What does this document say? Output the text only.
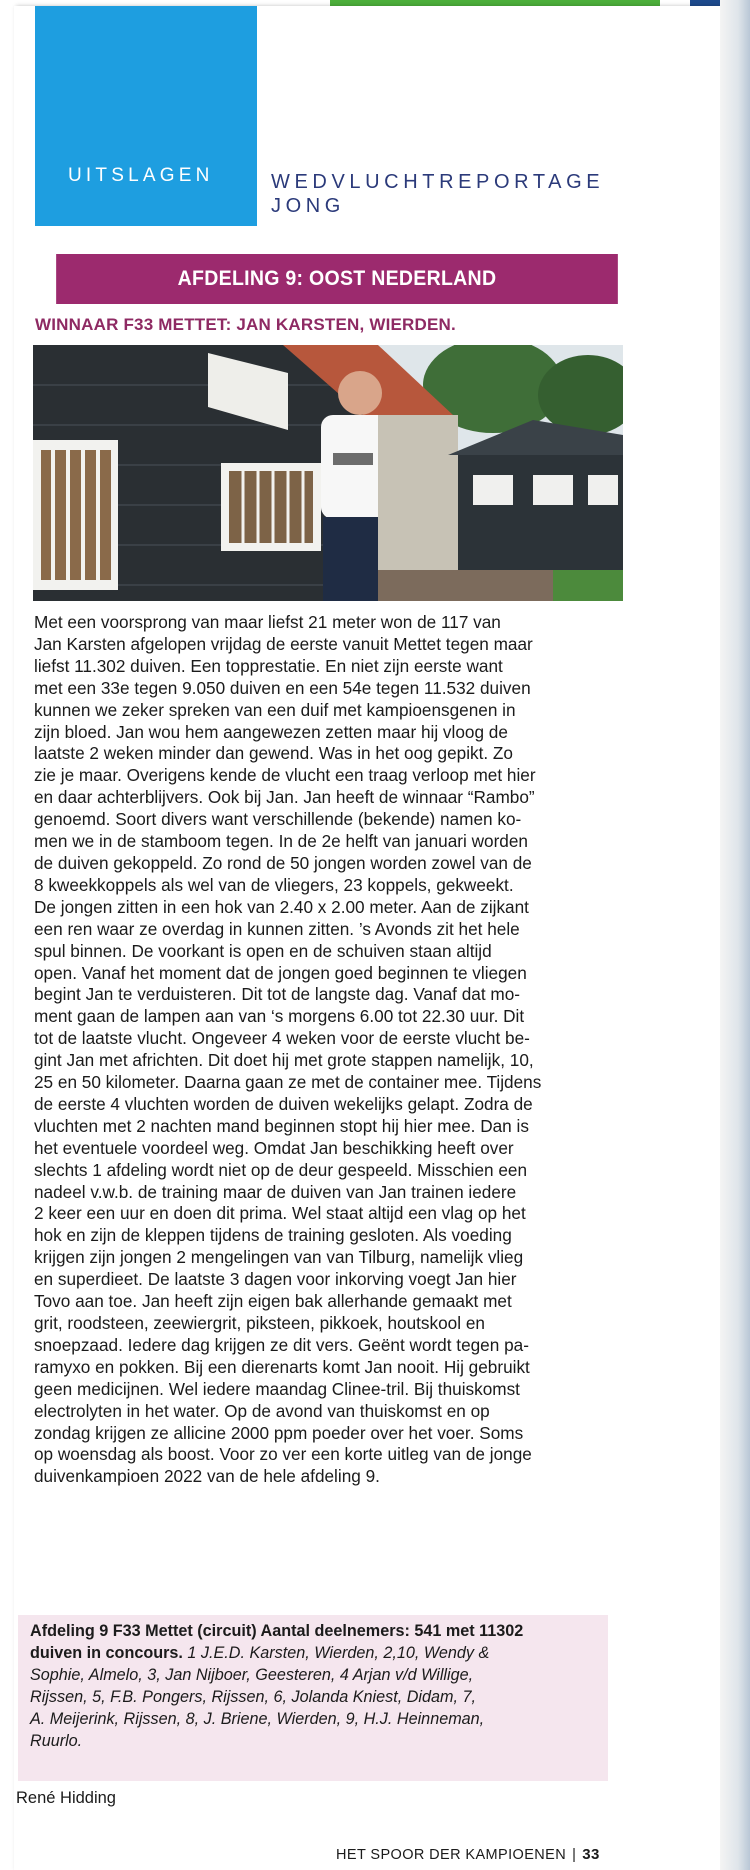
UITSLAGEN	WEDVLUCHTREPORTAGE
JONG
AFDELING 9: OOST NEDERLAND
WINNAAR F33 METTET: JAN KARSTEN, WIERDEN.
Met een voorsprong van maar liefst 21 meter won de 117 van
Jan Karsten afgelopen vrijdag de eerste vanuit Mettet tegen maar
liefst 11.302 duiven. Een topprestatie. En niet zijn eerste want
met een 33e tegen 9.050 duiven en een 54e tegen 11.532 duiven
kunnen we zeker spreken van een duif met kampioensgenen in
zijn bloed. Jan wou hem aangewezen zetten maar hij vloog de
laatste 2 weken minder dan gewend. Was in het oog gepikt. Zo
zie je maar. Overigens kende de vlucht een traag verloop met hier
en daar achterblijvers. Ook bij Jan. Jan heeft de winnaar “Rambo”
genoemd. Soort divers want verschillende (bekende) namen ko-
men we in de stamboom tegen. In de 2e helft van januari worden
de duiven gekoppeld. Zo rond de 50 jongen worden zowel van de
8 kweekkoppels als wel van de vliegers, 23 koppels, gekweekt.
De jongen zitten in een hok van 2.40 x 2.00 meter. Aan de zijkant
een ren waar ze overdag in kunnen zitten. ’s Avonds zit het hele
spul binnen. De voorkant is open en de schuiven staan altijd
open. Vanaf het moment dat de jongen goed beginnen te vliegen
begint Jan te verduisteren. Dit tot de langste dag. Vanaf dat mo-
ment gaan de lampen aan van ‘s morgens 6.00 tot 22.30 uur. Dit
tot de laatste vlucht. Ongeveer 4 weken voor de eerste vlucht be-
gint Jan met africhten. Dit doet hij met grote stappen namelijk, 10,
25 en 50 kilometer. Daarna gaan ze met de container mee. Tijdens
de eerste 4 vluchten worden de duiven wekelijks gelapt. Zodra de
vluchten met 2 nachten mand beginnen stopt hij hier mee. Dan is
het eventuele voordeel weg. Omdat Jan beschikking heeft over
slechts 1 afdeling wordt niet op de deur gespeeld. Misschien een
nadeel v.w.b. de training maar de duiven van Jan trainen iedere
2 keer een uur en doen dit prima. Wel staat altijd een vlag op het
hok en zijn de kleppen tijdens de training gesloten. Als voeding
krijgen zijn jongen 2 mengelingen van van Tilburg, namelijk vlieg
en superdieet. De laatste 3 dagen voor inkorving voegt Jan hier
Tovo aan toe. Jan heeft zijn eigen bak allerhande gemaakt met
grit, roodsteen, zeewiergrit, piksteen, pikkoek, houtskool en
snoepzaad. Iedere dag krijgen ze dit vers. Geënt wordt tegen pa-
ramyxo en pokken. Bij een dierenarts komt Jan nooit. Hij gebruikt
geen medicijnen. Wel iedere maandag Clinee-tril. Bij thuiskomst
electrolyten in het water. Op de avond van thuiskomst en op
zondag krijgen ze allicine 2000 ppm poeder over het voer. Soms
op woensdag als boost. Voor zo ver een korte uitleg van de jonge
duivenkampioen 2022 van de hele afdeling 9.
Afdeling 9 F33 Mettet (circuit) Aantal deelnemers: 541 met 11302
duiven in concours. 1 J.E.D. Karsten, Wierden, 2,10, Wendy &
Sophie, Almelo, 3, Jan Nijboer, Geesteren, 4 Arjan v/d Willige,
Rijssen, 5, F.B. Pongers, Rijssen, 6, Jolanda Kniest, Didam, 7,
A. Meijerink, Rijssen, 8, J. Briene, Wierden, 9, H.J. Heinneman,
Ruurlo.
René Hidding
HET SPOOR DER KAMPIOENEN | 33
